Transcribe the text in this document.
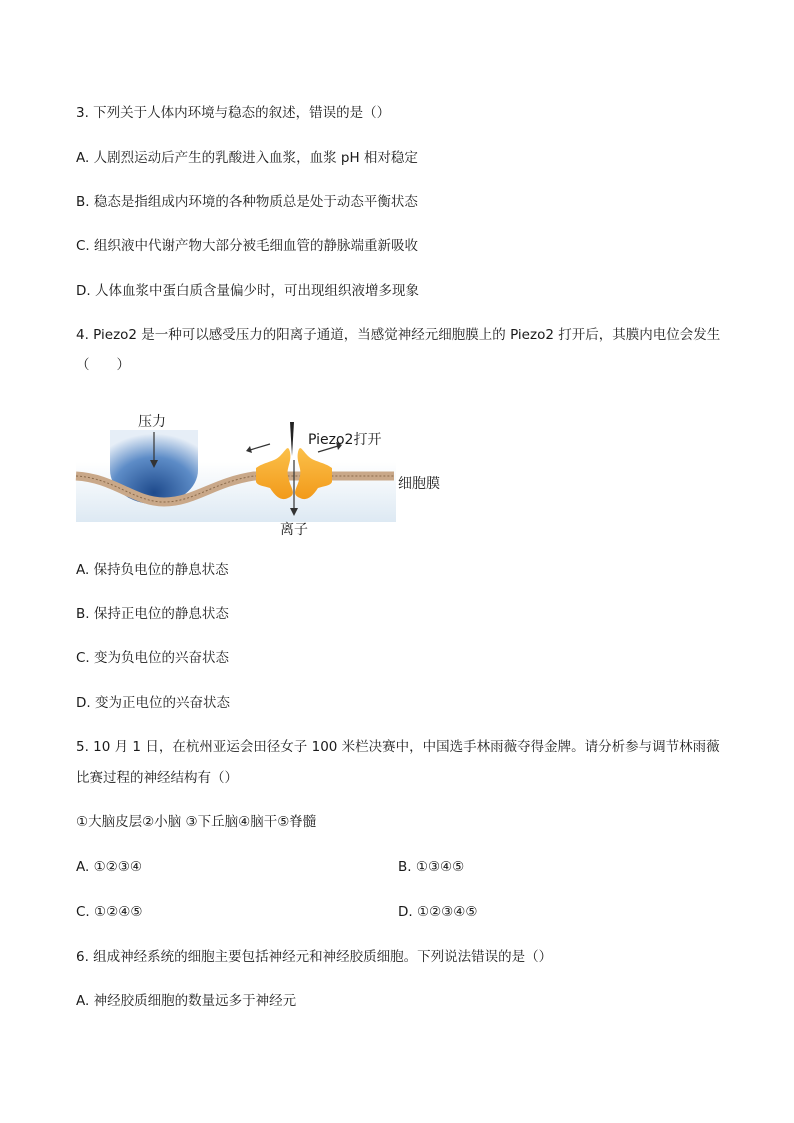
3. 下列关于人体内环境与稳态的叙述，错误的是（）
A. 人剧烈运动后产生的乳酸进入血浆，血浆 pH 相对稳定
B. 稳态是指组成内环境的各种物质总是处于动态平衡状态
C. 组织液中代谢产物大部分被毛细血管的静脉端重新吸收
D. 人体血浆中蛋白质含量偏少时，可出现组织液增多现象
4. Piezo2 是一种可以感受压力的阳离子通道，当感觉神经元细胞膜上的 Piezo2 打开后，其膜内电位会发生
（　　）
压力
Piezo2打开
细胞膜
离子
A. 保持负电位的静息状态
B. 保持正电位的静息状态
C. 变为负电位的兴奋状态
D. 变为正电位的兴奋状态
5. 10 月 1 日，在杭州亚运会田径女子 100 米栏决赛中，中国选手林雨薇夺得金牌。请分析参与调节林雨薇
比赛过程的神经结构有（）
①大脑皮层②小脑 ③下丘脑④脑干⑤脊髓
A. ①②③④	B. ①③④⑤
C. ①②④⑤	D. ①②③④⑤
6. 组成神经系统的细胞主要包括神经元和神经胶质细胞。下列说法错误的是（）
A. 神经胶质细胞的数量远多于神经元
